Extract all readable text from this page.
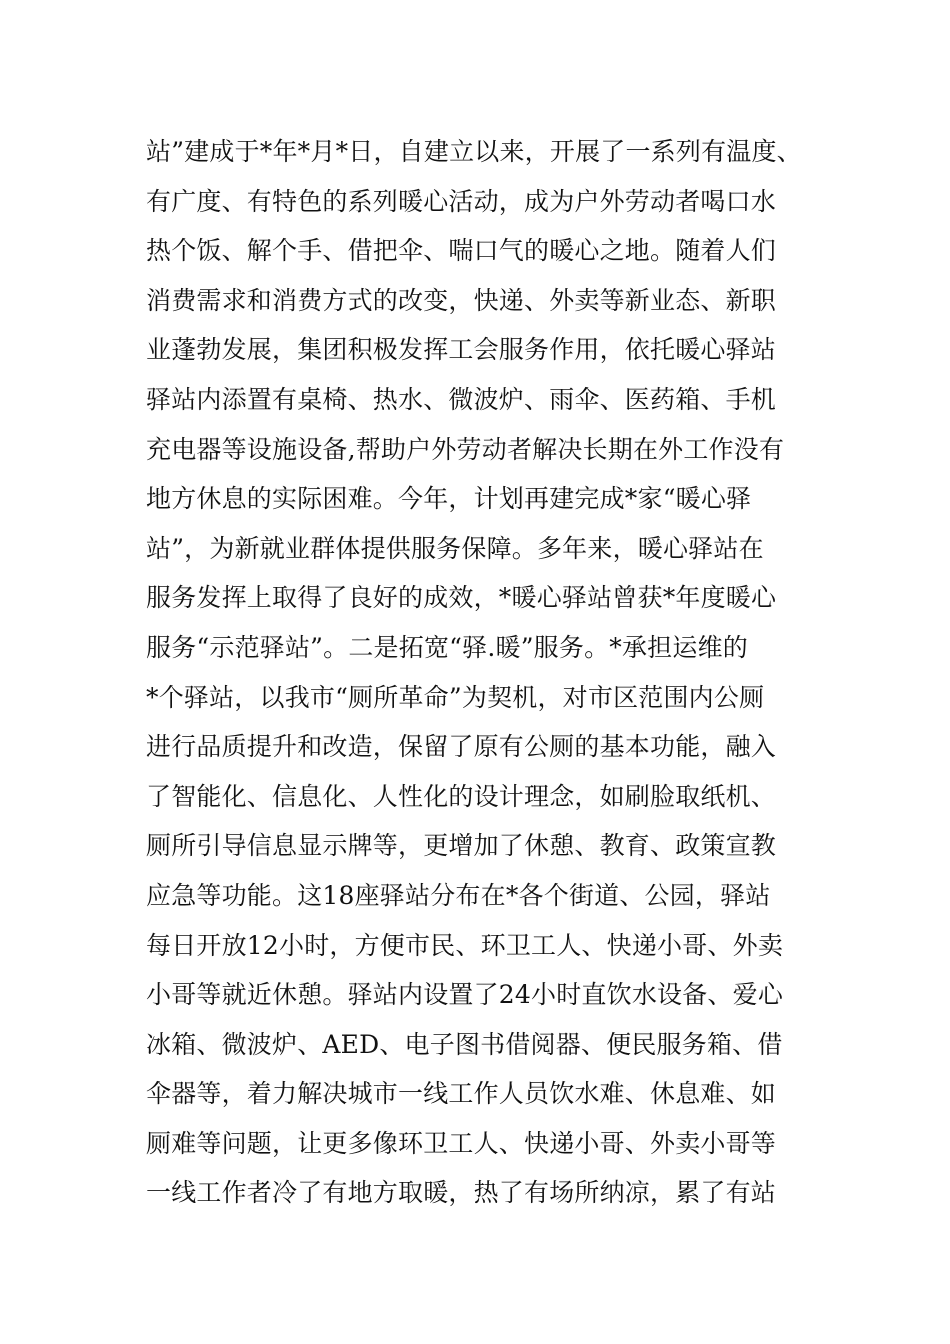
站”建成于*年*月*日，自建立以来，开展了一系列有温度、
有广度、有特色的系列暖心活动，成为户外劳动者喝口水
热个饭、解个手、借把伞、喘口气的暖心之地。随着人们
消费需求和消费方式的改变，快递、外卖等新业态、新职
业蓬勃发展，集团积极发挥工会服务作用，依托暖心驿站
驿站内添置有桌椅、热水、微波炉、雨伞、医药箱、手机
充电器等设施设备,帮助户外劳动者解决长期在外工作没有
地方休息的实际困难。今年，计划再建完成*家“暖心驿
站”，为新就业群体提供服务保障。多年来，暖心驿站在
服务发挥上取得了良好的成效，*暖心驿站曾获*年度暖心
服务“示范驿站”。二是拓宽“驿.暖”服务。*承担运维的
*个驿站，以我市“厕所革命”为契机，对市区范围内公厕
进行品质提升和改造，保留了原有公厕的基本功能，融入
了智能化、信息化、人性化的设计理念，如刷脸取纸机、
厕所引导信息显示牌等，更增加了休憩、教育、政策宣教
应急等功能。这18座驿站分布在*各个街道、公园，驿站
每日开放12小时，方便市民、环卫工人、快递小哥、外卖
小哥等就近休憩。驿站内设置了24小时直饮水设备、爱心
冰箱、微波炉、AED、电子图书借阅器、便民服务箱、借
伞器等，着力解决城市一线工作人员饮水难、休息难、如
厕难等问题，让更多像环卫工人、快递小哥、外卖小哥等
一线工作者冷了有地方取暖，热了有场所纳凉，累了有站
